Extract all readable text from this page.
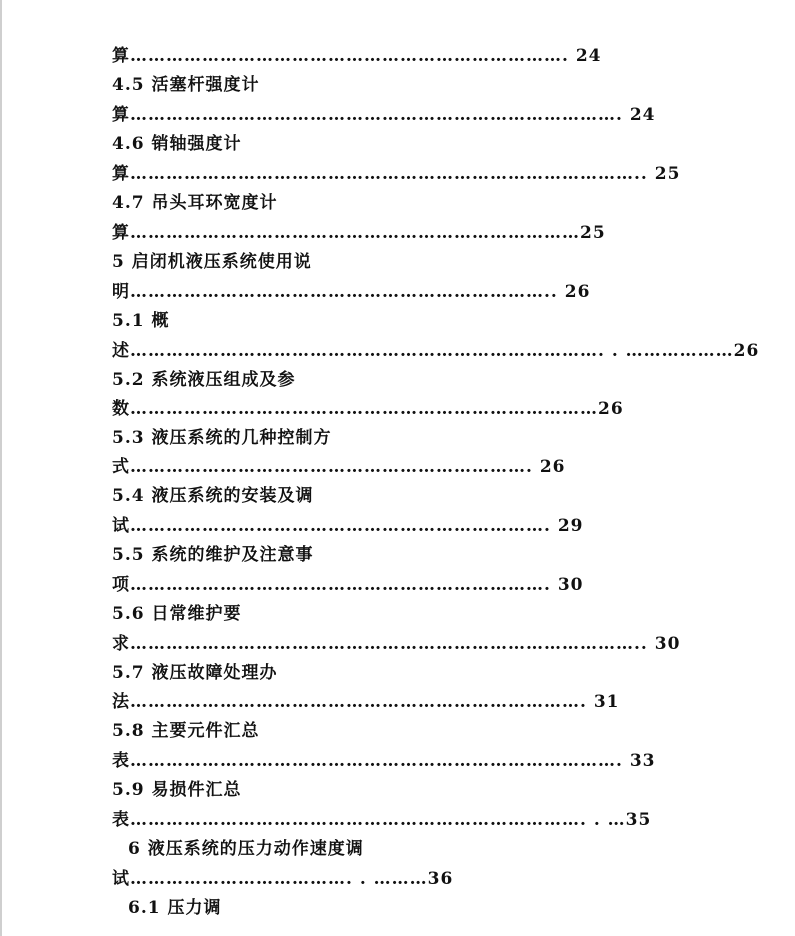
算………………………………………………………………. 24
4.5 活塞杆强度计
算………………………………………………………………………. 24
4.6 销轴强度计
算………………………………………………………………………….. 25
4.7 吊头耳环宽度计
算…………………………………………………………………25
5 启闭机液压系统使用说
明…………………………………………………………….. 26
5.1 概
述……………………………………………………………………. . ………………26
5.2 系统液压组成及参
数……………………………………………………………………26
5.3 液压系统的几种控制方
式…………………………………………………………. 26
5.4 液压系统的安装及调
试……………………………………………………………. 29
5.5 系统的维护及注意事
项……………………………………………………………. 30
5.6 日常维护要
求………………………………………………………………………….. 30
5.7 液压故障处理办
法…………………………………………………………………. 31
5.8 主要元件汇总
表………………………………………………………………………. 33
5.9 易损件汇总
表…………………………………………………………………. . …35
6 液压系统的压力动作速度调
试………………………………. . ………36
6.1 压力调
